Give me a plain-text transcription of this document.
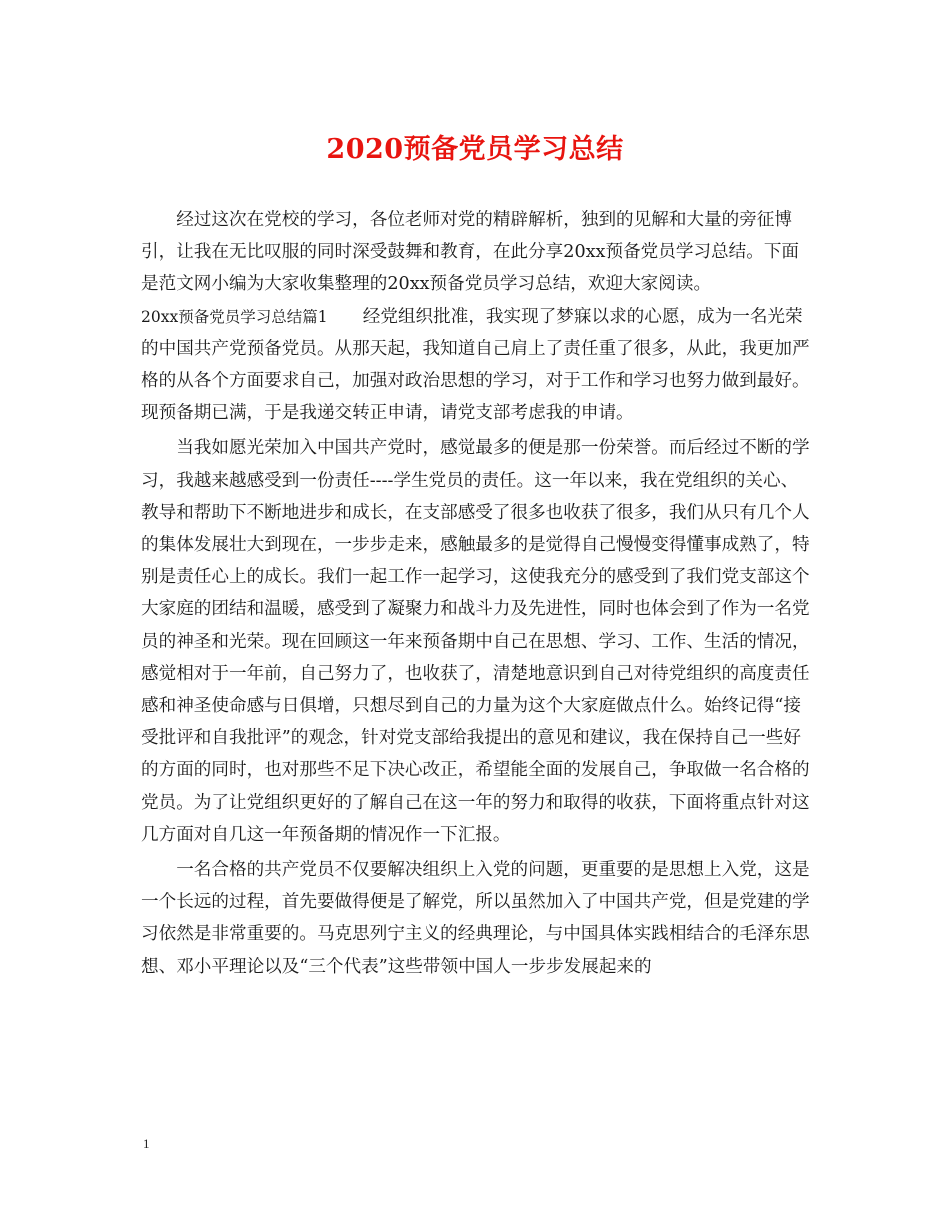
2020预备党员学习总结

经过这次在党校的学习，各位老师对党的精辟解析，独到的见解和大量的旁征博引，让我在无比叹服的同时深受鼓舞和教育，在此分享20xx预备党员学习总结。下面是范文网小编为大家收集整理的20xx预备党员学习总结，欢迎大家阅读。

20xx预备党员学习总结篇1   经党组织批准，我实现了梦寐以求的心愿，成为一名光荣的中国共产党预备党员。从那天起，我知道自己肩上了责任重了很多，从此，我更加严格的从各个方面要求自己，加强对政治思想的学习，对于工作和学习也努力做到最好。现预备期已满，于是我递交转正申请，请党支部考虑我的申请。

当我如愿光荣加入中国共产党时，感觉最多的便是那一份荣誉。而后经过不断的学习，我越来越感受到一份责任----学生党员的责任。这一年以来，我在党组织的关心、教导和帮助下不断地进步和成长，在支部感受了很多也收获了很多，我们从只有几个人的集体发展壮大到现在，一步步走来，感触最多的是觉得自己慢慢变得懂事成熟了，特别是责任心上的成长。我们一起工作一起学习，这使我充分的感受到了我们党支部这个大家庭的团结和温暖，感受到了凝聚力和战斗力及先进性，同时也体会到了作为一名党员的神圣和光荣。现在回顾这一年来预备期中自己在思想、学习、工作、生活的情况，感觉相对于一年前，自己努力了，也收获了，清楚地意识到自己对待党组织的高度责任感和神圣使命感与日俱增，只想尽到自己的力量为这个大家庭做点什么。始终记得“接受批评和自我批评”的观念，针对党支部给我提出的意见和建议，我在保持自己一些好的方面的同时，也对那些不足下决心改正，希望能全面的发展自己，争取做一名合格的党员。为了让党组织更好的了解自己在这一年的努力和取得的收获，下面将重点针对这几方面对自几这一年预备期的情况作一下汇报。

一名合格的共产党员不仅要解决组织上入党的问题，更重要的是思想上入党，这是一个长远的过程，首先要做得便是了解党，所以虽然加入了中国共产党，但是党建的学习依然是非常重要的。马克思列宁主义的经典理论，与中国具体实践相结合的毛泽东思想、邓小平理论以及“三个代表”这些带领中国人一步步发展起来的

1
